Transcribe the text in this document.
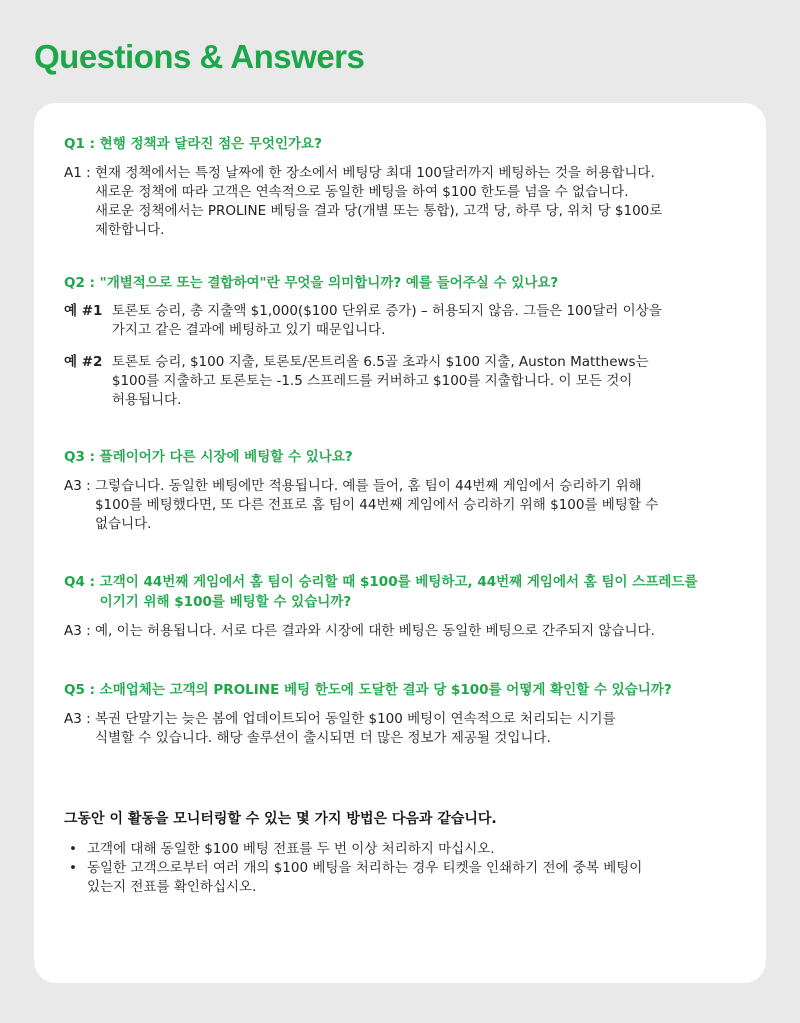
Questions & Answers

Q1 : 현행 정책과 달라진 점은 무엇인가요?

A1 : 현재 정책에서는 특정 날짜에 한 장소에서 베팅당 최대 100달러까지 베팅하는 것을 허용합니다.
새로운 정책에 따라 고객은 연속적으로 동일한 베팅을 하여 $100 한도를 넘을 수 없습니다.
새로운 정책에서는 PROLINE 베팅을 결과 당(개별 또는 통합), 고객 당, 하루 당, 위치 당 $100로
제한합니다.

Q2 : "개별적으로 또는 결합하여"란 무엇을 의미합니까? 예를 들어주실 수 있나요?

예 #1 토론토 승리, 총 지출액 $1,000($100 단위로 증가) – 허용되지 않음. 그들은 100달러 이상을
가지고 같은 결과에 베팅하고 있기 때문입니다.
예 #2 토론토 승리, $100 지출, 토론토/몬트리올 6.5골 초과시 $100 지출, Auston Matthews는
$100를 지출하고 토론토는 -1.5 스프레드를 커버하고 $100를 지출합니다. 이 모든 것이
허용됩니다.

Q3 : 플레이어가 다른 시장에 베팅할 수 있나요?

A3 : 그렇습니다. 동일한 베팅에만 적용됩니다. 예를 들어, 홈 팀이 44번째 게임에서 승리하기 위해
$100를 베팅했다면, 또 다른 전표로 홈 팀이 44번째 게임에서 승리하기 위해 $100를 베팅할 수
없습니다.

Q4 : 고객이 44번째 게임에서 홈 팀이 승리할 때 $100를 베팅하고, 44번째 게임에서 홈 팀이 스프레드를
이기기 위해 $100를 베팅할 수 있습니까?

A3 : 예, 이는 허용됩니다. 서로 다른 결과와 시장에 대한 베팅은 동일한 베팅으로 간주되지 않습니다.

Q5 : 소매업체는 고객의 PROLINE 베팅 한도에 도달한 결과 당 $100를 어떻게 확인할 수 있습니까?

A3 : 복권 단말기는 늦은 봄에 업데이트되어 동일한 $100 베팅이 연속적으로 처리되는 시기를
식별할 수 있습니다. 해당 솔루션이 출시되면 더 많은 정보가 제공될 것입니다.

그동안 이 활동을 모니터링할 수 있는 몇 가지 방법은 다음과 같습니다.

• 고객에 대해 동일한 $100 베팅 전표를 두 번 이상 처리하지 마십시오.
• 동일한 고객으로부터 여러 개의 $100 베팅을 처리하는 경우 티켓을 인쇄하기 전에 중복 베팅이
있는지 전표를 확인하십시오.
